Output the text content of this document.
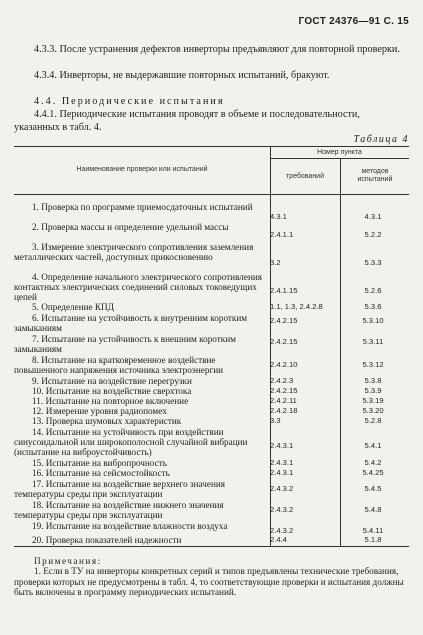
ГОСТ 24376—91 С. 15
4.3.3. После устранения дефектов инверторы предъявляют для повторной проверки.
4.3.4. Инверторы, не выдержавшие повторных испытаний, бракуют.
4.4. Периодические испытания
4.4.1. Периодические испытания проводят в объеме и последовательности, указанных в табл. 4.
Таблица 4
Наименование проверки или испытаний
Номер пункта
требований
методов испытаний
1. Проверка по программе приемосдаточных испытаний
4.3.1	4.3.1
2. Проверка массы и определение удельной массы
2.4.1.1	5.2.2
3. Измерение электрического сопротивления заземления металлических частей, доступных прикосновению
3.2	5.3.3
4. Определение начального электрического сопротивления контактных электрических соединений силовых токоведущих цепей
2.4.1.15	5.2.6
5. Определение КПД	1.1, 1.3, 2.4.2.8	5.3.6
6. Испытание на устойчивость к внутренним коротким замыканиям
2.4.2.15	5.3.10
7. Испытание на устойчивость к внешним коротким замыканиям
2.4.2.15	5.3.11
8. Испытание на кратковременное воздействие повышенного напряжения источника электроэнергии
2.4.2.10	5.3.12
9. Испытание на воздействие перегрузки	2.4.2.3	5.3.8
10. Испытание на воздействие сверхтока	2.4.2.15	5.3.9
11. Испытание на повторное включение	2.4.2.11	5.3.19
12. Измерение уровня радиопомех	2.4.2.18	5.3.20
13. Проверка шумовых характеристик	3.3	5.2.8
14. Испытание на устойчивость при воздействии синусоидальной или широкополосной случайной вибрации (испытание на виброустойчивость)
2.4.3.1	5.4.1
15. Испытание на вибропрочность	2.4.3.1	5.4.2
16. Испытание на сейсмостойкость	2.4.3.1	5.4.25
17. Испытание на воздействие верхнего значения температуры среды при эксплуатации
2.4.3.2	5.4.5
18. Испытание на воздействие нижнего значения температуры среды при эксплуатации
2.4.3.2	5.4.8
19. Испытание на воздействие влажности воздуха	2.4.3.2	5.4.11
20. Проверка показателей надежности	2.4.4	5.1.8
Примечания:
1. Если в ТУ на инверторы конкретных серий и типов предъявлены технические требования, проверки которых не предусмотрены в табл. 4, то соответствующие проверки и испытания должны быть включены в программу периодических испытаний.
